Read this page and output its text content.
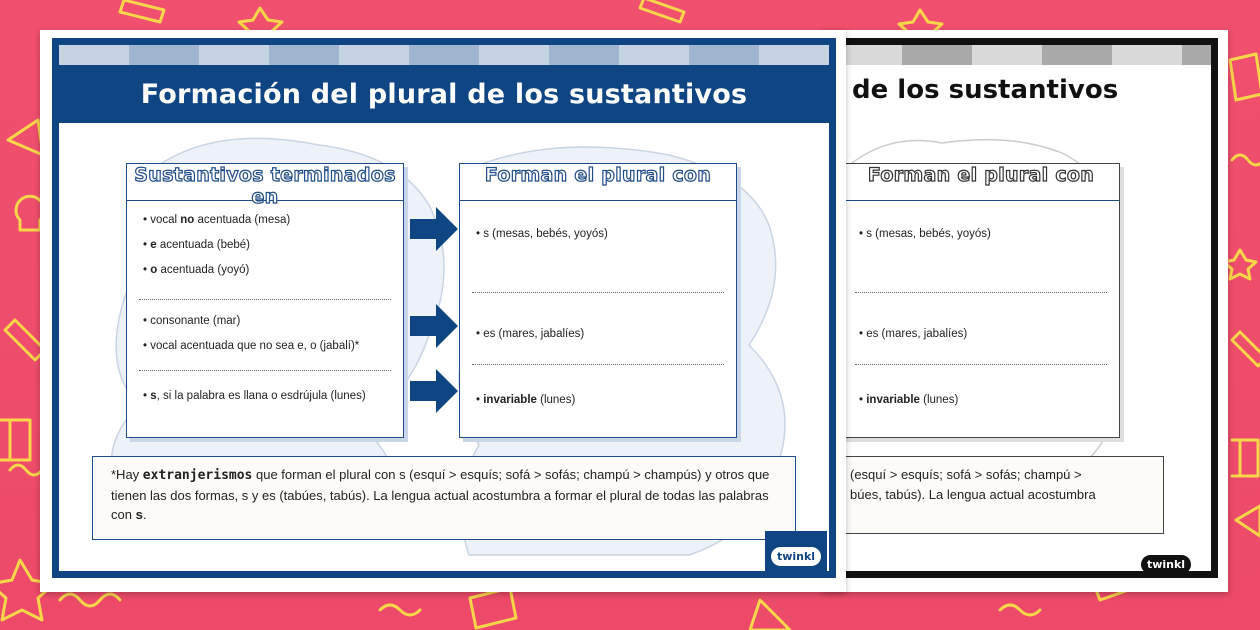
de los sustantivos
Forman el plural con
• s (mesas, bebés, yoyós)
• es (mares, jabalíes)
• invariable (lunes)
(esquí > esquís; sofá > sofás; champú >
búes, tabús). La lengua actual acostumbra
twinkl
Formación del plural de los sustantivos
Sustantivos terminados en
• vocal no acentuada (mesa)
• e acentuada (bebé)
• o acentuada (yoyó)
• consonante (mar)
• vocal acentuada que no sea e, o (jabalí)*
• s, si la palabra es llana o esdrújula (lunes)
Forman el plural con
• s (mesas, bebés, yoyós)
• es (mares, jabalíes)
• invariable (lunes)
*Hay extranjerismos que forman el plural con s (esquí > esquís; sofá > sofás; champú > champús) y otros que tienen las dos formas, s y es (tabúes, tabús). La lengua actual acostumbra a formar el plural de todas las palabras con s.
twinkl
